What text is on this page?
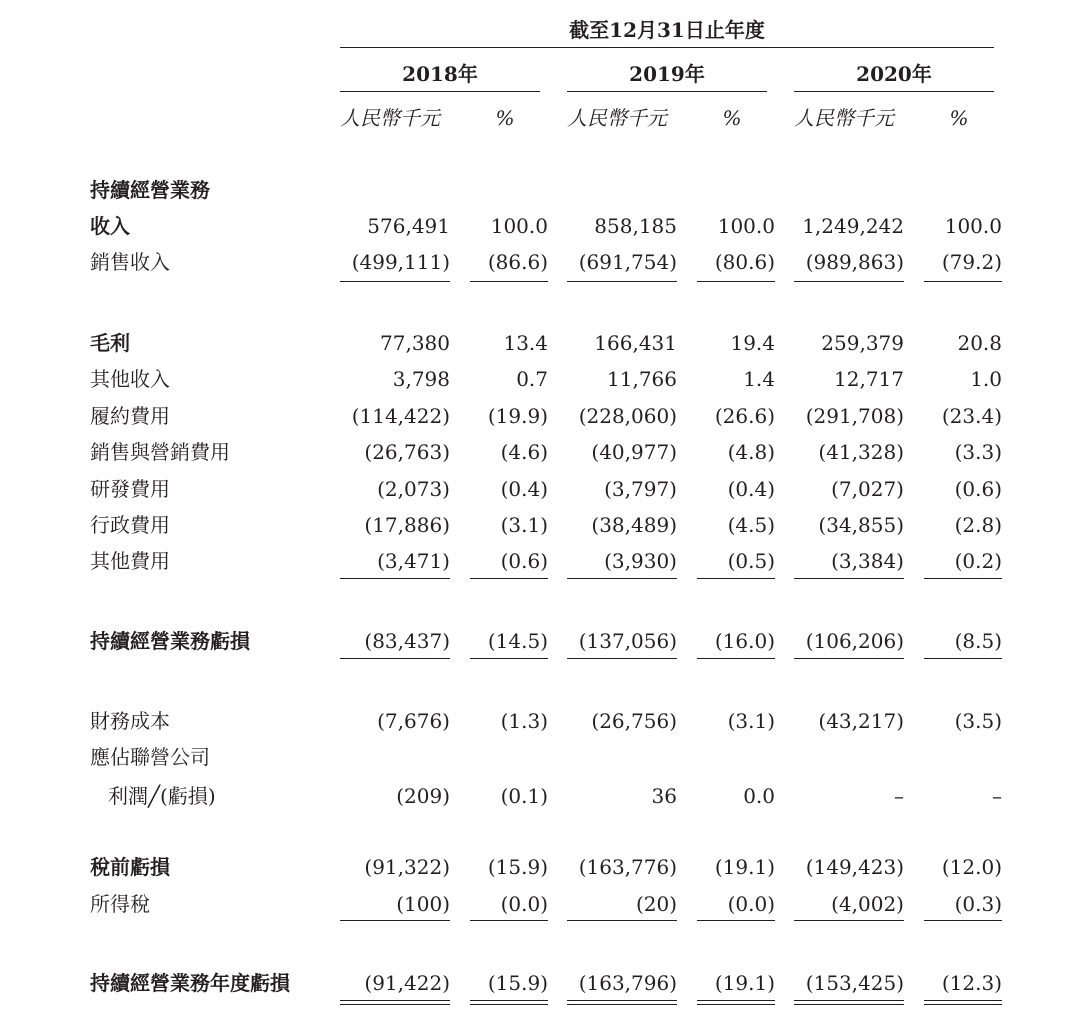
截至12月31日止年度
2018年	2019年	2020年
人民幣千元	%	人民幣千元	%	人民幣千元	%
持續經營業務
收入	576,491	100.0	858,185	100.0	1,249,242	100.0
銷售收入	(499,111)	(86.6)	(691,754)	(80.6)	(989,863)	(79.2)
毛利	77,380	13.4	166,431	19.4	259,379	20.8
其他收入	3,798	0.7	11,766	1.4	12,717	1.0
履約費用	(114,422)	(19.9)	(228,060)	(26.6)	(291,708)	(23.4)
銷售與營銷費用	(26,763)	(4.6)	(40,977)	(4.8)	(41,328)	(3.3)
研發費用	(2,073)	(0.4)	(3,797)	(0.4)	(7,027)	(0.6)
行政費用	(17,886)	(3.1)	(38,489)	(4.5)	(34,855)	(2.8)
其他費用	(3,471)	(0.6)	(3,930)	(0.5)	(3,384)	(0.2)
持續經營業務虧損	(83,437)	(14.5)	(137,056)	(16.0)	(106,206)	(8.5)
財務成本	(7,676)	(1.3)	(26,756)	(3.1)	(43,217)	(3.5)
應佔聯營公司
利潤╱(虧損)	(209)	(0.1)	36	0.0	–	–
稅前虧損	(91,322)	(15.9)	(163,776)	(19.1)	(149,423)	(12.0)
所得稅	(100)	(0.0)	(20)	(0.0)	(4,002)	(0.3)
持續經營業務年度虧損	(91,422)	(15.9)	(163,796)	(19.1)	(153,425)	(12.3)
